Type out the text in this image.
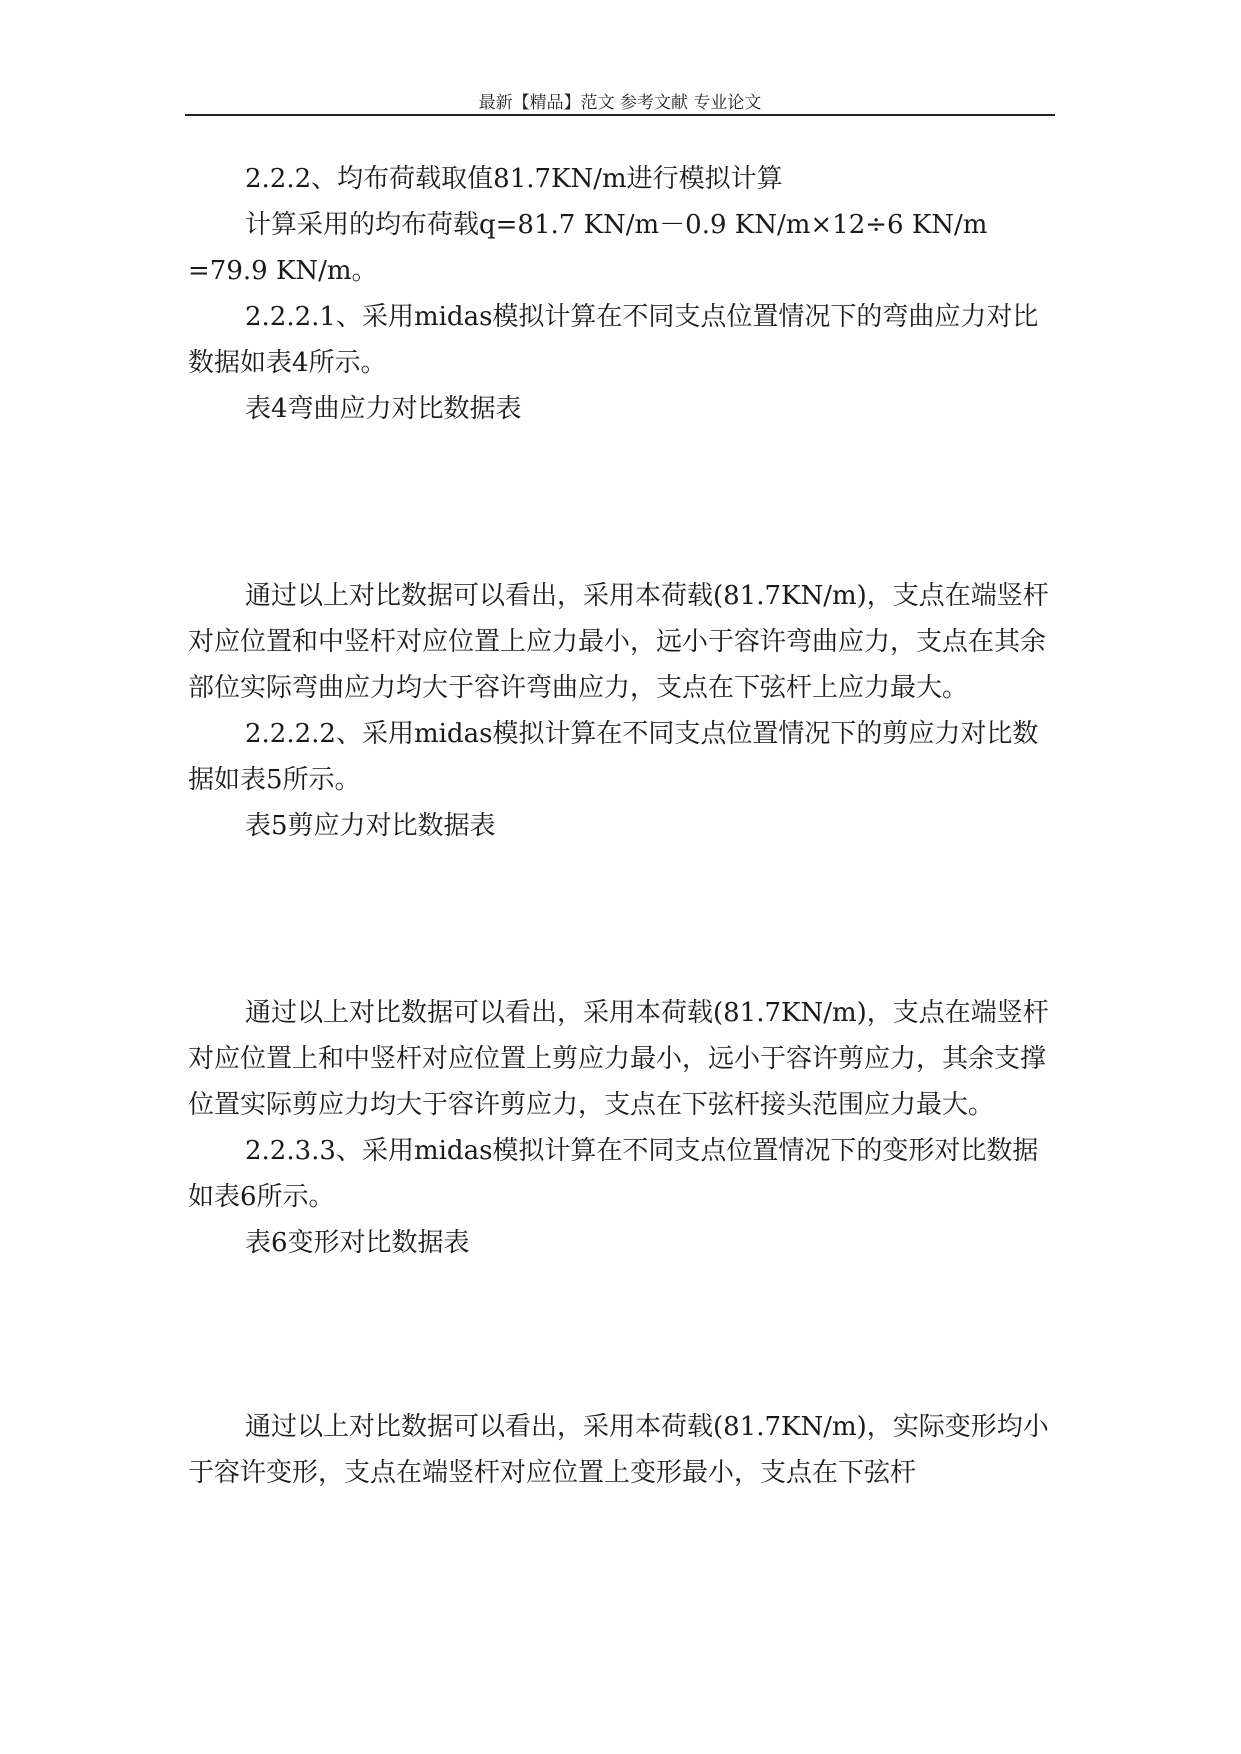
最新【精品】范文 参考文献 专业论文

2.2.2、均布荷载取值81.7KN/m进行模拟计算

计算采用的均布荷载q=81.7 KN/m－0.9 KN/m×12÷6 KN/m

=79.9 KN/m。

2.2.2.1、采用midas模拟计算在不同支点位置情况下的弯曲应力对比数据如表4所示。

表4弯曲应力对比数据表

通过以上对比数据可以看出，采用本荷载(81.7KN/m)，支点在端竖杆对应位置和中竖杆对应位置上应力最小，远小于容许弯曲应力，支点在其余部位实际弯曲应力均大于容许弯曲应力，支点在下弦杆上应力最大。

2.2.2.2、采用midas模拟计算在不同支点位置情况下的剪应力对比数据如表5所示。

表5剪应力对比数据表

通过以上对比数据可以看出，采用本荷载(81.7KN/m)，支点在端竖杆对应位置上和中竖杆对应位置上剪应力最小，远小于容许剪应力，其余支撑位置实际剪应力均大于容许剪应力，支点在下弦杆接头范围应力最大。

2.2.3.3、采用midas模拟计算在不同支点位置情况下的变形对比数据如表6所示。

表6变形对比数据表

通过以上对比数据可以看出，采用本荷载(81.7KN/m)，实际变形均小于容许变形，支点在端竖杆对应位置上变形最小，支点在下弦杆
